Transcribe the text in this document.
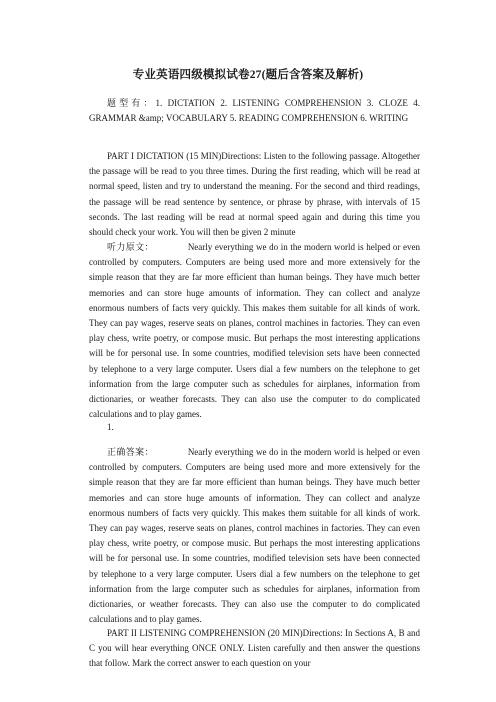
专业英语四级模拟试卷27(题后含答案及解析)

题型有：1. DICTATION 2. LISTENING COMPREHENSION 3. CLOZE 4. GRAMMAR &amp; VOCABULARY 5. READING COMPREHENSION 6. WRITING

PART I DICTATION (15 MIN)Directions: Listen to the following passage. Altogether the passage will be read to you three times. During the first reading, which will be read at normal speed, listen and try to understand the meaning. For the second and third readings, the passage will be read sentence by sentence, or phrase by phrase, with intervals of 15 seconds. The last reading will be read at normal speed again and during this time you should check your work. You will then be given 2 minute

听力原文：	Nearly everything we do in the modern world is helped or even controlled by computers. Computers are being used more and more extensively for the simple reason that they are far more efficient than human beings. They have much better memories and can store huge amounts of information. They can collect and analyze enormous numbers of facts very quickly. This makes them suitable for all kinds of work. They can pay wages, reserve seats on planes, control machines in factories. They can even play chess, write poetry, or compose music. But perhaps the most interesting applications will be for personal use. In some countries, modified television sets have been connected by telephone to a very large computer. Users dial a few numbers on the telephone to get information from the large computer such as schedules for airplanes, information from dictionaries, or weather forecasts. They can also use the computer to do complicated calculations and to play games.

1.

正确答案：	Nearly everything we do in the modern world is helped or even controlled by computers. Computers are being used more and more extensively for the simple reason that they are far more efficient than human beings. They have much better memories and can store huge amounts of information. They can collect and analyze enormous numbers of facts very quickly. This makes them suitable for all kinds of work. They can pay wages, reserve seats on planes, control machines in factories. They can even play chess, write poetry, or compose music. But perhaps the most interesting applications will be for personal use. In some countries, modified television sets have been connected by telephone to a very large computer. Users dial a few numbers on the telephone to get information from the large computer such as schedules for airplanes, information from dictionaries, or weather forecasts. They can also use the computer to do complicated calculations and to play games.

PART II LISTENING COMPREHENSION (20 MIN)Directions: In Sections A, B and C you will hear everything ONCE ONLY. Listen carefully and then answer the questions that follow. Mark the correct answer to each question on your
